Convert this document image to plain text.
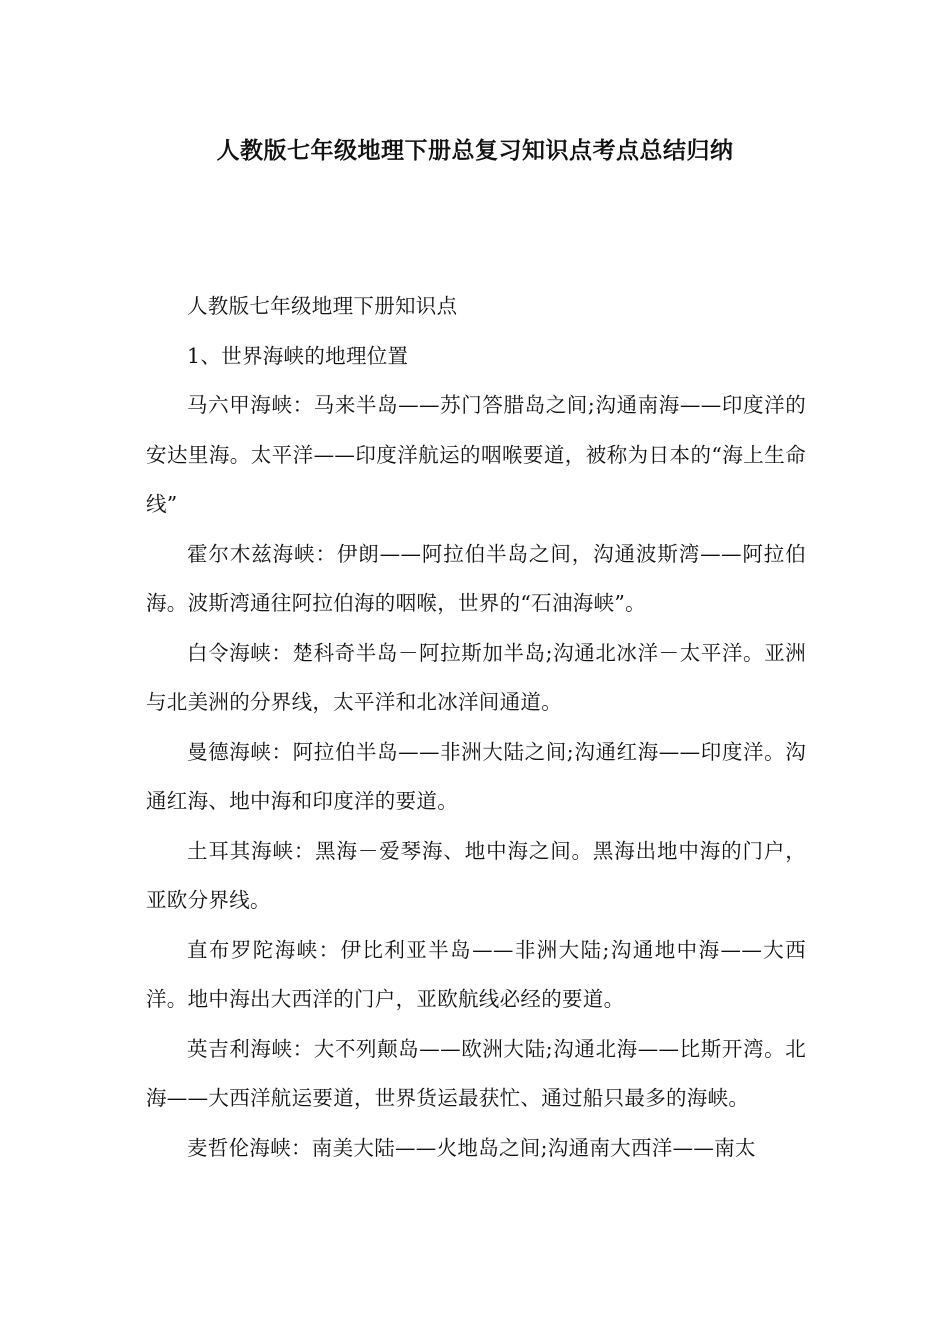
人教版七年级地理下册总复习知识点考点总结归纳

人教版七年级地理下册知识点

1、世界海峡的地理位置

马六甲海峡：马来半岛——苏门答腊岛之间;沟通南海——印度洋的安达里海。太平洋——印度洋航运的咽喉要道，被称为日本的“海上生命线”

霍尔木兹海峡：伊朗——阿拉伯半岛之间，沟通波斯湾——阿拉伯海。波斯湾通往阿拉伯海的咽喉，世界的“石油海峡”。

白令海峡：楚科奇半岛－阿拉斯加半岛;沟通北冰洋－太平洋。亚洲与北美洲的分界线，太平洋和北冰洋间通道。

曼德海峡：阿拉伯半岛——非洲大陆之间;沟通红海——印度洋。沟通红海、地中海和印度洋的要道。

土耳其海峡：黑海－爱琴海、地中海之间。黑海出地中海的门户，亚欧分界线。

直布罗陀海峡：伊比利亚半岛——非洲大陆;沟通地中海——大西洋。地中海出大西洋的门户，亚欧航线必经的要道。

英吉利海峡：大不列颠岛——欧洲大陆;沟通北海——比斯开湾。北海——大西洋航运要道，世界货运最获忙、通过船只最多的海峡。

麦哲伦海峡：南美大陆——火地岛之间;沟通南大西洋——南太
